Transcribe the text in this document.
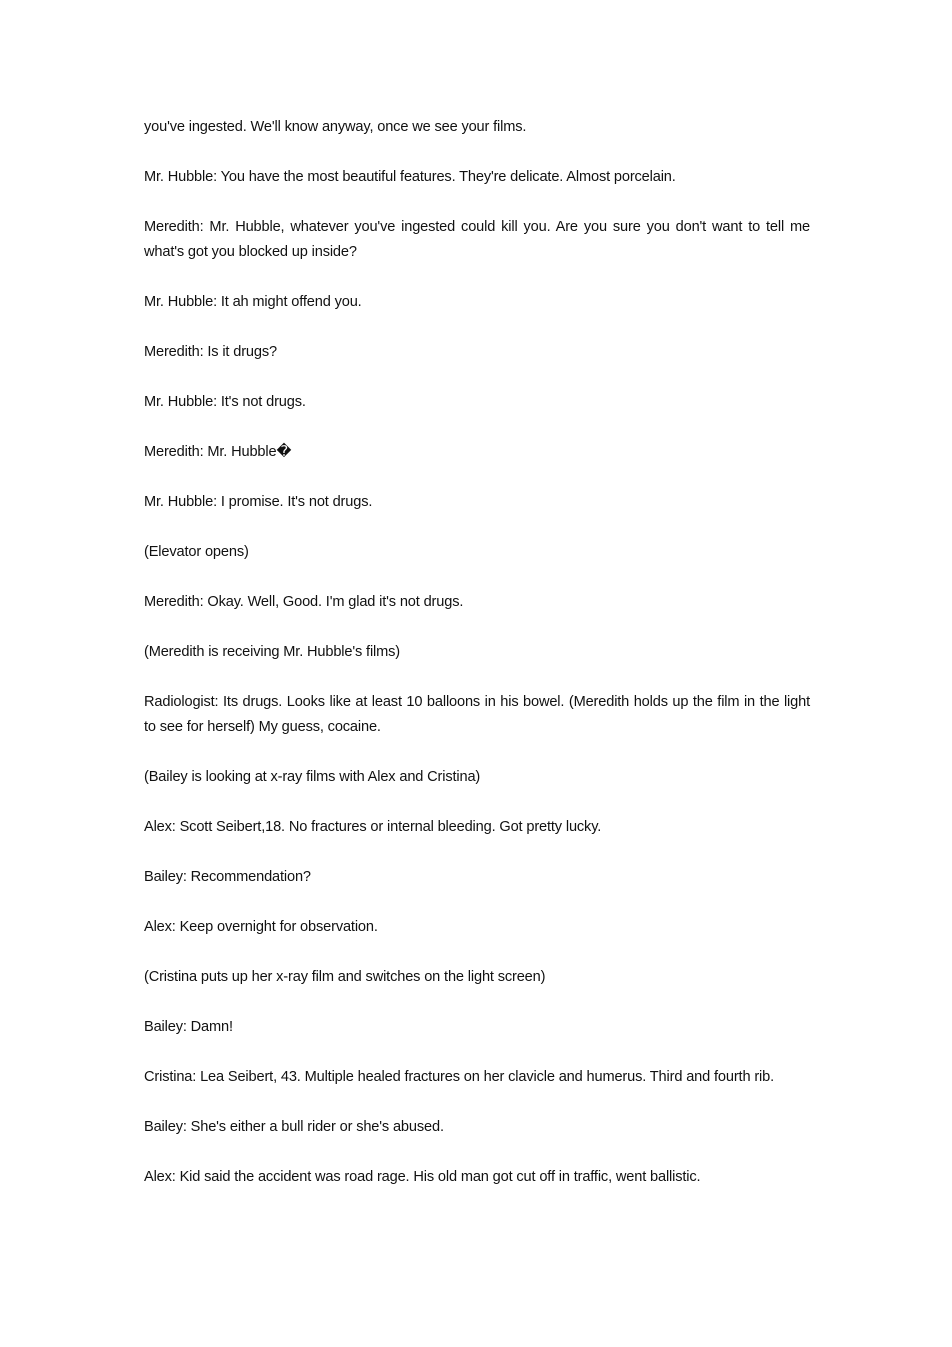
you've ingested. We'll know anyway, once we see your films.

Mr. Hubble: You have the most beautiful features. They're delicate. Almost porcelain.

Meredith: Mr. Hubble, whatever you've ingested could kill you. Are you sure you don't want to tell me what's got you blocked up inside?

Mr. Hubble: It ah might offend you.

Meredith: Is it drugs?

Mr. Hubble: It's not drugs.

Meredith: Mr. Hubble�

Mr. Hubble: I promise. It's not drugs.

(Elevator opens)

Meredith: Okay. Well, Good. I'm glad it's not drugs.

(Meredith is receiving Mr. Hubble's films)

Radiologist: Its drugs. Looks like at least 10 balloons in his bowel. (Meredith holds up the film in the light to see for herself) My guess, cocaine.

(Bailey is looking at x-ray films with Alex and Cristina)

Alex: Scott Seibert,18. No fractures or internal bleeding. Got pretty lucky.

Bailey: Recommendation?

Alex: Keep overnight for observation.

(Cristina puts up her x-ray film and switches on the light screen)

Bailey: Damn!

Cristina: Lea Seibert, 43. Multiple healed fractures on her clavicle and humerus. Third and fourth rib.

Bailey: She's either a bull rider or she's abused.

Alex: Kid said the accident was road rage. His old man got cut off in traffic, went ballistic.
